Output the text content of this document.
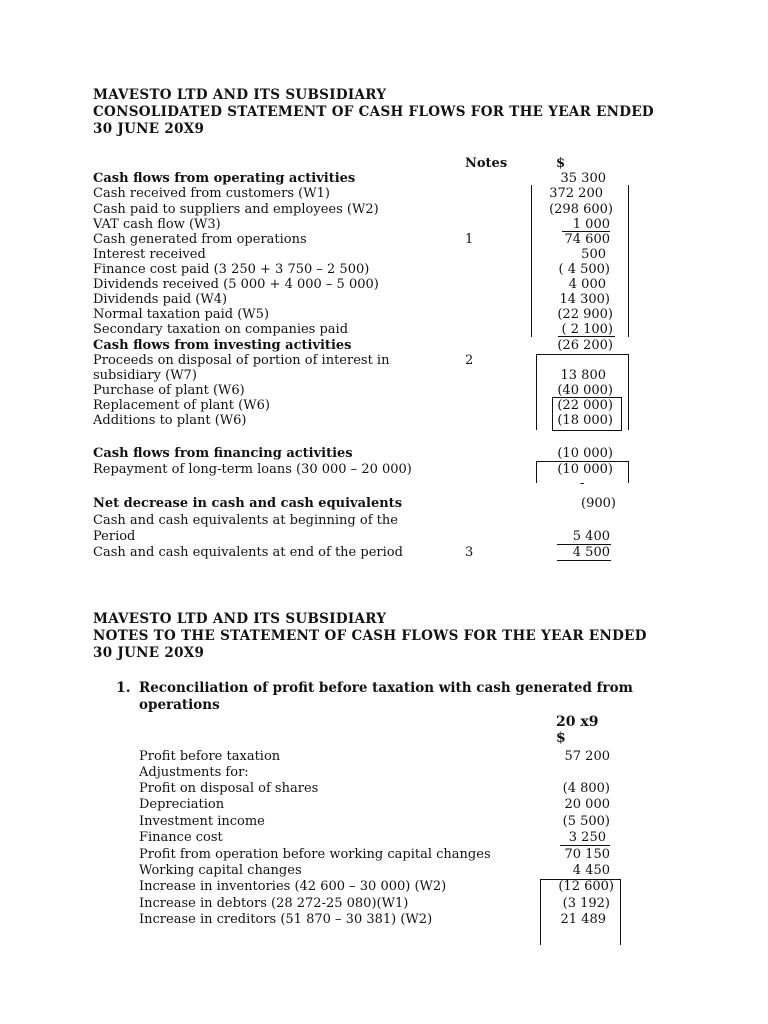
MAVESTO LTD AND ITS SUBSIDIARY
CONSOLIDATED STATEMENT OF CASH FLOWS FOR THE YEAR ENDED
30 JUNE 20X9
Notes	$
Cash flows from operating activities	35 300
Cash received from customers (W1)	372 200
Cash paid to suppliers and employees (W2)	(298 600)
VAT cash flow (W3)	1 000
Cash generated from operations	1	74 600
Interest received	500
Finance cost paid (3 250 + 3 750 – 2 500)	( 4 500)
Dividends received (5 000 + 4 000 – 5 000)	4 000
Dividends paid (W4)	14 300)
Normal taxation paid (W5)	(22 900)
Secondary taxation on companies paid	( 2 100)
Cash flows from investing activities	(26 200)
Proceeds on disposal of portion of interest in	2
subsidiary (W7)	13 800
Purchase of plant (W6)	(40 000)
Replacement of plant (W6)	(22 000)
Additions to plant (W6)	(18 000)
Cash flows from financing activities	(10 000)
Repayment of long-term loans (30 000 – 20 000)	(10 000)
-
Net decrease in cash and cash equivalents	(900)
Cash and cash equivalents at beginning of the
Period	5 400
Cash and cash equivalents at end of the period	3	4 500
MAVESTO LTD AND ITS SUBSIDIARY
NOTES TO THE STATEMENT OF CASH FLOWS FOR THE YEAR ENDED
30 JUNE 20X9
1. Reconciliation of profit before taxation with cash generated from
operations
20 x9
$
Profit before taxation	57 200
Adjustments for:
Profit on disposal of shares	(4 800)
Depreciation	20 000
Investment income	(5 500)
Finance cost	3 250
Profit from operation before working capital changes	70 150
Working capital changes	4 450
Increase in inventories (42 600 – 30 000) (W2)	(12 600)
Increase in debtors (28 272-25 080)(W1)	(3 192)
Increase in creditors (51 870 – 30 381) (W2)	21 489
